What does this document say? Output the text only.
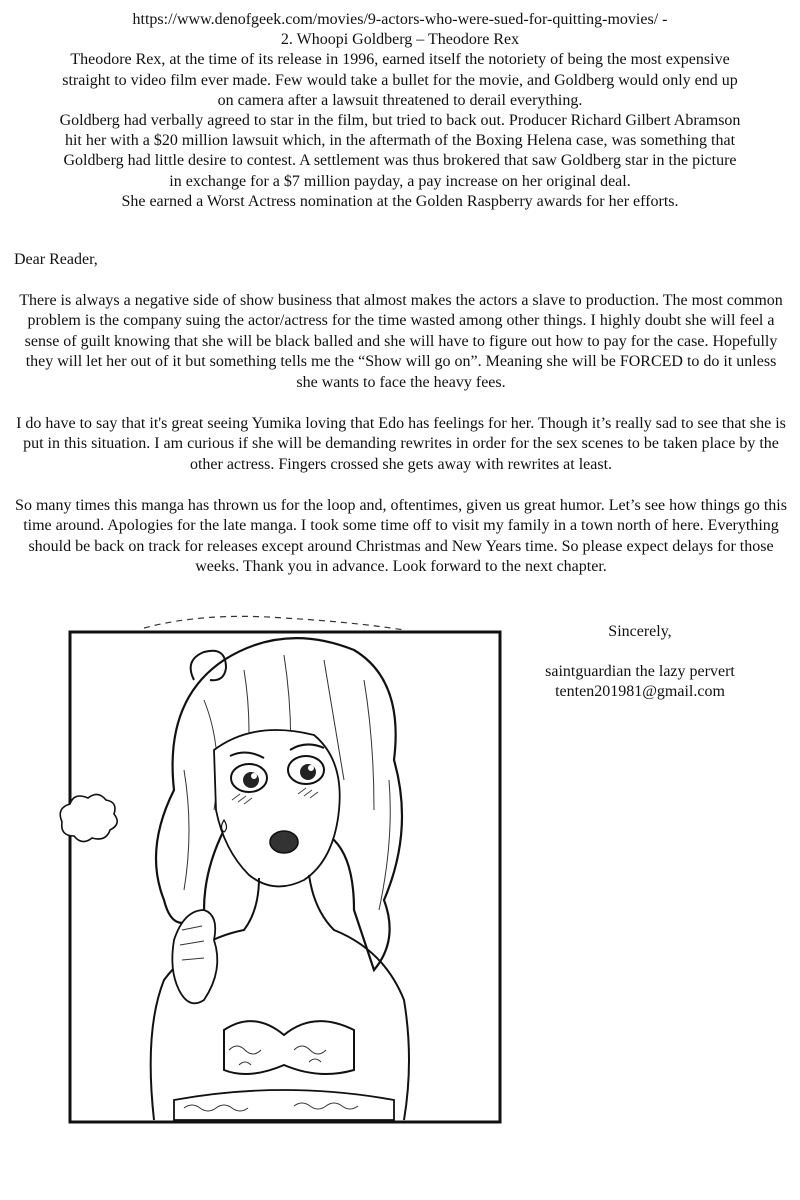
https://www.denofgeek.com/movies/9-actors-who-were-sued-for-quitting-movies/ -
2. Whoopi Goldberg – Theodore Rex
Theodore Rex, at the time of its release in 1996, earned itself the notoriety of being the most expensive
straight to video film ever made. Few would take a bullet for the movie, and Goldberg would only end up
on camera after a lawsuit threatened to derail everything.
Goldberg had verbally agreed to star in the film, but tried to back out. Producer Richard Gilbert Abramson
hit her with a $20 million lawsuit which, in the aftermath of the Boxing Helena case, was something that
Goldberg had little desire to contest. A settlement was thus brokered that saw Goldberg star in the picture
in exchange for a $7 million payday, a pay increase on her original deal.
She earned a Worst Actress nomination at the Golden Raspberry awards for her efforts.
Dear Reader,
There is always a negative side of show business that almost makes the actors a slave to production. The most common problem is the company suing the actor/actress for the time wasted among other things. I highly doubt she will feel a sense of guilt knowing that she will be black balled and she will have to figure out how to pay for the case. Hopefully they will let her out of it but something tells me the “Show will go on”. Meaning she will be FORCED to do it unless she wants to face the heavy fees.
I do have to say that it's great seeing Yumika loving that Edo has feelings for her. Though it’s really sad to see that she is put in this situation. I am curious if she will be demanding rewrites in order for the sex scenes to be taken place by the other actress. Fingers crossed she gets away with rewrites at least.
So many times this manga has thrown us for the loop and, oftentimes, given us great humor. Let’s see how things go this time around. Apologies for the late manga. I took some time off to visit my family in a town north of here. Everything should be back on track for releases except around Christmas and New Years time. So please expect delays for those weeks. Thank you in advance. Look forward to the next chapter.
Sincerely,
saintguardian the lazy pervert
tenten201981@gmail.com
